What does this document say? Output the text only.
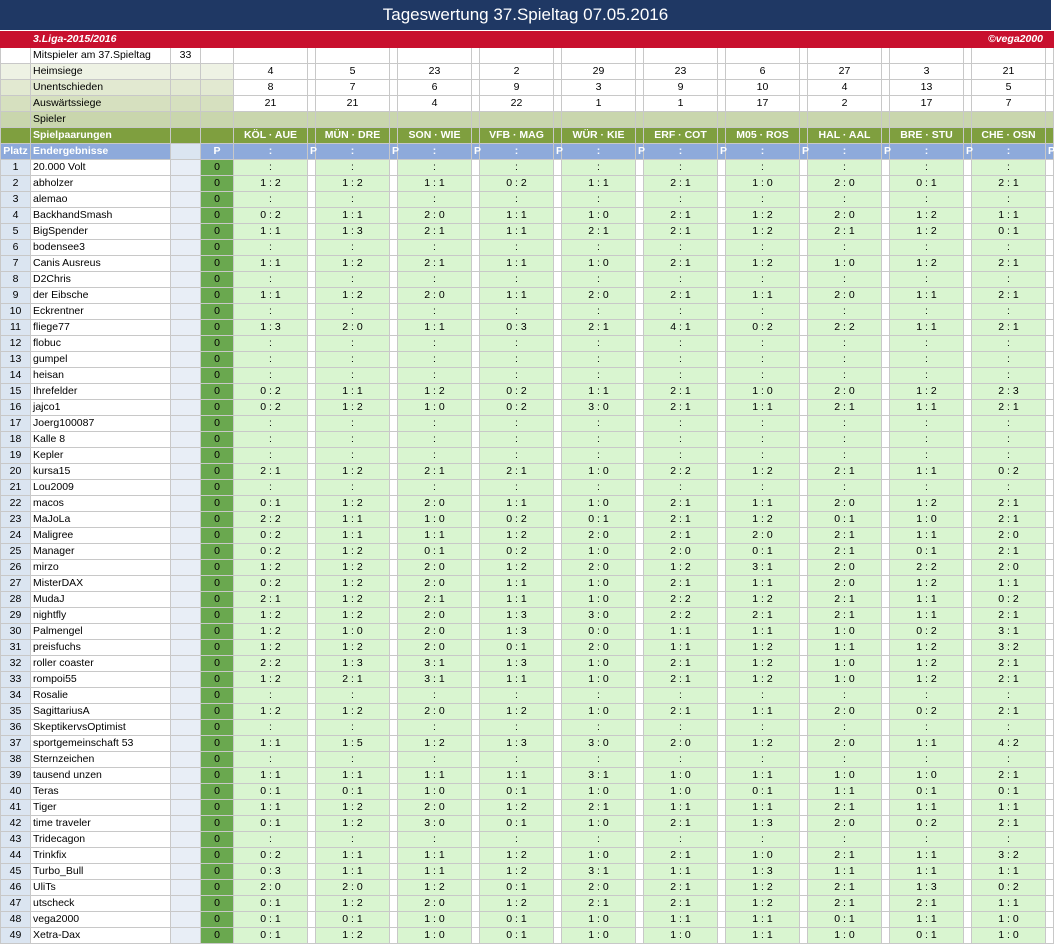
Tageswertung 37.Spieltag 07.05.2016
	3.Liga-2015/2016																				©vega2000		
	Mitspieler am 37.Spieltag	33																					
	Heimsiege			4		5		23		2		29		23		6		27		3		21	
	Unentschieden			8		7		6		9		3		9		10		4		13		5	
	Auswärtssiege			21		21		4		22		1		1		17		2		17		7	
	Spieler																						
	Spielpaarungen			KÖL · AUE		MÜN · DRE		SON · WIE		VFB · MAG		WÜR · KIE		ERF · COT		M05 · ROS		HAL · AAL		BRE · STU		CHE · OSN	
Platz	Endergebnisse		P	:	P	:	P	:	P	:	P	:	P	:	P	:	P	:	P	:	P	:	P
1	20.000 Volt		0	:		:		:		:		:		:		:		:		:		:	
2	abholzer		0	1 : 2		1 : 2		1 : 1		0 : 2		1 : 1		2 : 1		1 : 0		2 : 0		0 : 1		2 : 1	
3	alemao		0	:		:		:		:		:		:		:		:		:		:	
4	BackhandSmash		0	0 : 2		1 : 1		2 : 0		1 : 1		1 : 0		2 : 1		1 : 2		2 : 0		1 : 2		1 : 1	
5	BigSpender		0	1 : 1		1 : 3		2 : 1		1 : 1		2 : 1		2 : 1		1 : 2		2 : 1		1 : 2		0 : 1	
6	bodensee3		0	:		:		:		:		:		:		:		:		:		:	
7	Canis Ausreus		0	1 : 1		1 : 2		2 : 1		1 : 1		1 : 0		2 : 1		1 : 2		1 : 0		1 : 2		2 : 1	
8	D2Chris		0	:		:		:		:		:		:		:		:		:		:	
9	der Eibsche		0	1 : 1		1 : 2		2 : 0		1 : 1		2 : 0		2 : 1		1 : 1		2 : 0		1 : 1		2 : 1	
10	Eckrentner		0	:		:		:		:		:		:		:		:		:		:	
11	fliege77		0	1 : 3		2 : 0		1 : 1		0 : 3		2 : 1		4 : 1		0 : 2		2 : 2		1 : 1		2 : 1	
12	flobuc		0	:		:		:		:		:		:		:		:		:		:	
13	gumpel		0	:		:		:		:		:		:		:		:		:		:	
14	heisan		0	:		:		:		:		:		:		:		:		:		:	
15	Ihrefelder		0	0 : 2		1 : 1		1 : 2		0 : 2		1 : 1		2 : 1		1 : 0		2 : 0		1 : 2		2 : 3	
16	jajco1		0	0 : 2		1 : 2		1 : 0		0 : 2		3 : 0		2 : 1		1 : 1		2 : 1		1 : 1		2 : 1	
17	Joerg100087		0	:		:		:		:		:		:		:		:		:		:	
18	Kalle 8		0	:		:		:		:		:		:		:		:		:		:	
19	Kepler		0	:		:		:		:		:		:		:		:		:		:	
20	kursa15		0	2 : 1		1 : 2		2 : 1		2 : 1		1 : 0		2 : 2		1 : 2		2 : 1		1 : 1		0 : 2	
21	Lou2009		0	:		:		:		:		:		:		:		:		:		:	
22	macos		0	0 : 1		1 : 2		2 : 0		1 : 1		1 : 0		2 : 1		1 : 1		2 : 0		1 : 2		2 : 1	
23	MaJoLa		0	2 : 2		1 : 1		1 : 0		0 : 2		0 : 1		2 : 1		1 : 2		0 : 1		1 : 0		2 : 1	
24	Maligree		0	0 : 2		1 : 1		1 : 1		1 : 2		2 : 0		2 : 1		2 : 0		2 : 1		1 : 1		2 : 0	
25	Manager		0	0 : 2		1 : 2		0 : 1		0 : 2		1 : 0		2 : 0		0 : 1		2 : 1		0 : 1		2 : 1	
26	mirzo		0	1 : 2		1 : 2		2 : 0		1 : 2		2 : 0		1 : 2		3 : 1		2 : 0		2 : 2		2 : 0	
27	MisterDAX		0	0 : 2		1 : 2		2 : 0		1 : 1		1 : 0		2 : 1		1 : 1		2 : 0		1 : 2		1 : 1	
28	MudaJ		0	2 : 1		1 : 2		2 : 1		1 : 1		1 : 0		2 : 2		1 : 2		2 : 1		1 : 1		0 : 2	
29	nightfly		0	1 : 2		1 : 2		2 : 0		1 : 3		3 : 0		2 : 2		2 : 1		2 : 1		1 : 1		2 : 1	
30	Palmengel		0	1 : 2		1 : 0		2 : 0		1 : 3		0 : 0		1 : 1		1 : 1		1 : 0		0 : 2		3 : 1	
31	preisfuchs		0	1 : 2		1 : 2		2 : 0		0 : 1		2 : 0		1 : 1		1 : 2		1 : 1		1 : 2		3 : 2	
32	roller coaster		0	2 : 2		1 : 3		3 : 1		1 : 3		1 : 0		2 : 1		1 : 2		1 : 0		1 : 2		2 : 1	
33	rompoi55		0	1 : 2		2 : 1		3 : 1		1 : 1		1 : 0		2 : 1		1 : 2		1 : 0		1 : 2		2 : 1	
34	Rosalie		0	:		:		:		:		:		:		:		:		:		:	
35	SagittariusA		0	1 : 2		1 : 2		2 : 0		1 : 2		1 : 0		2 : 1		1 : 1		2 : 0		0 : 2		2 : 1	
36	SkeptikervsOptimist		0	:		:		:		:		:		:		:		:		:		:	
37	sportgemeinschaft 53		0	1 : 1		1 : 5		1 : 2		1 : 3		3 : 0		2 : 0		1 : 2		2 : 0		1 : 1		4 : 2	
38	Sternzeichen		0	:		:		:		:		:		:		:		:		:		:	
39	tausend unzen		0	1 : 1		1 : 1		1 : 1		1 : 1		3 : 1		1 : 0		1 : 1		1 : 0		1 : 0		2 : 1	
40	Teras		0	0 : 1		0 : 1		1 : 0		0 : 1		1 : 0		1 : 0		0 : 1		1 : 1		0 : 1		0 : 1	
41	Tiger		0	1 : 1		1 : 2		2 : 0		1 : 2		2 : 1		1 : 1		1 : 1		2 : 1		1 : 1		1 : 1	
42	time traveler		0	0 : 1		1 : 2		3 : 0		0 : 1		1 : 0		2 : 1		1 : 3		2 : 0		0 : 2		2 : 1	
43	Tridecagon		0	:		:		:		:		:		:		:		:		:		:	
44	Trinkfix		0	0 : 2		1 : 1		1 : 1		1 : 2		1 : 0		2 : 1		1 : 0		2 : 1		1 : 1		3 : 2	
45	Turbo_Bull		0	0 : 3		1 : 1		1 : 1		1 : 2		3 : 1		1 : 1		1 : 3		1 : 1		1 : 1		1 : 1	
46	UliTs		0	2 : 0		2 : 0		1 : 2		0 : 1		2 : 0		2 : 1		1 : 2		2 : 1		1 : 3		0 : 2	
47	utscheck		0	0 : 1		1 : 2		2 : 0		1 : 2		2 : 1		2 : 1		1 : 2		2 : 1		2 : 1		1 : 1	
48	vega2000		0	0 : 1		0 : 1		1 : 0		0 : 1		1 : 0		1 : 1		1 : 1		0 : 1		1 : 1		1 : 0	
49	Xetra-Dax		0	0 : 1		1 : 2		1 : 0		0 : 1		1 : 0		1 : 0		1 : 1		1 : 0		0 : 1		1 : 0	
